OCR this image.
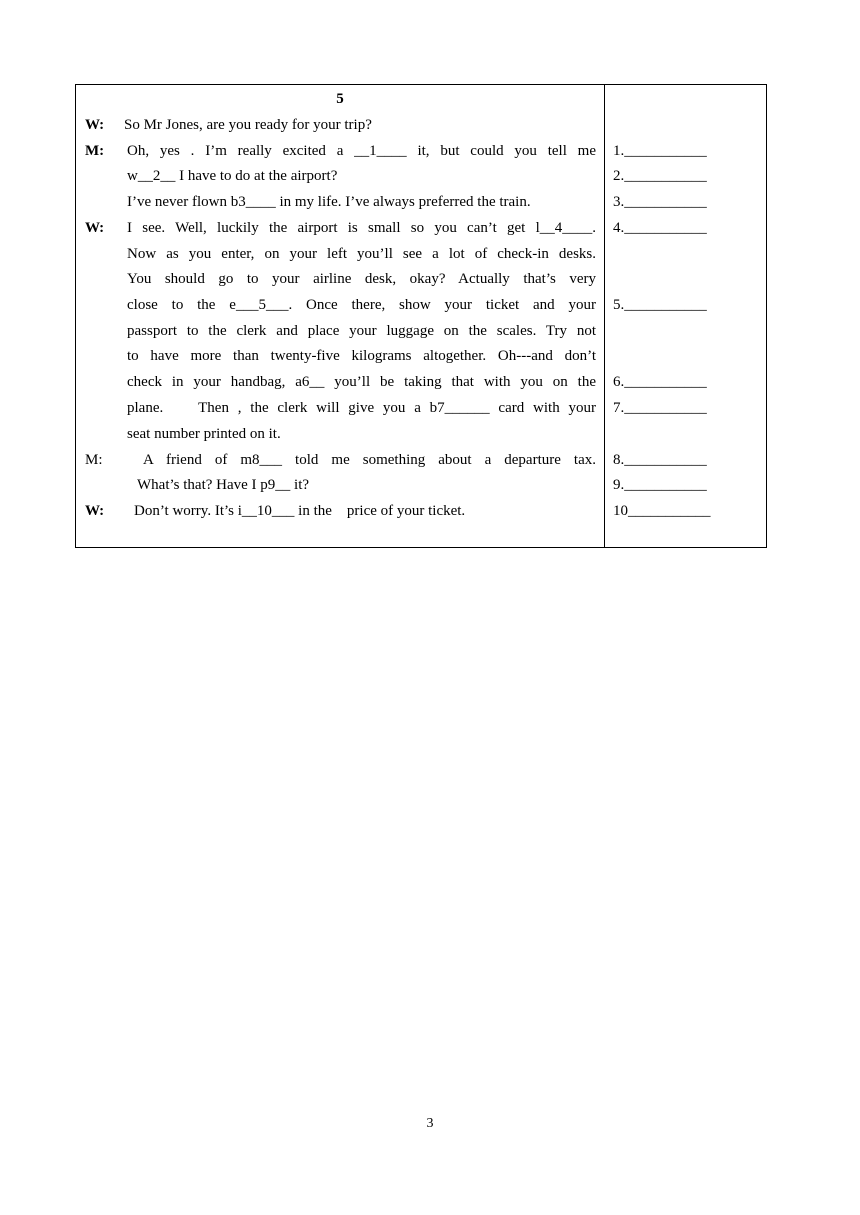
5
W: So Mr Jones, are you ready for your trip?
M: Oh, yes . I’m really excited a __1____ it, but could you tell me
w__2__ I have to do at the airport?
I’ve never flown b3____ in my life. I’ve always preferred the train.
W: I see. Well, luckily the airport is small so you can’t get l__4____.
Now as you enter, on your left you’ll see a lot of check-in desks.
You should go to your airline desk, okay? Actually that’s very
close to the e___5___. Once there, show your ticket and your
passport to the clerk and place your luggage on the scales. Try not
to have more than twenty-five kilograms altogether. Oh---and don’t
check in your handbag, a6__ you’ll be taking that with you on the
plane.    Then , the clerk will give you a b7______ card with your
seat number printed on it.
M:	A friend of m8___ told me something about a departure tax.
What’s that? Have I p9__ it?
W: Don’t worry. It’s i__10___ in the    price of your ticket.
1.___________
2.___________
3.___________
4.___________
5.___________
6.___________
7.___________
8.___________
9.___________
10___________
3
